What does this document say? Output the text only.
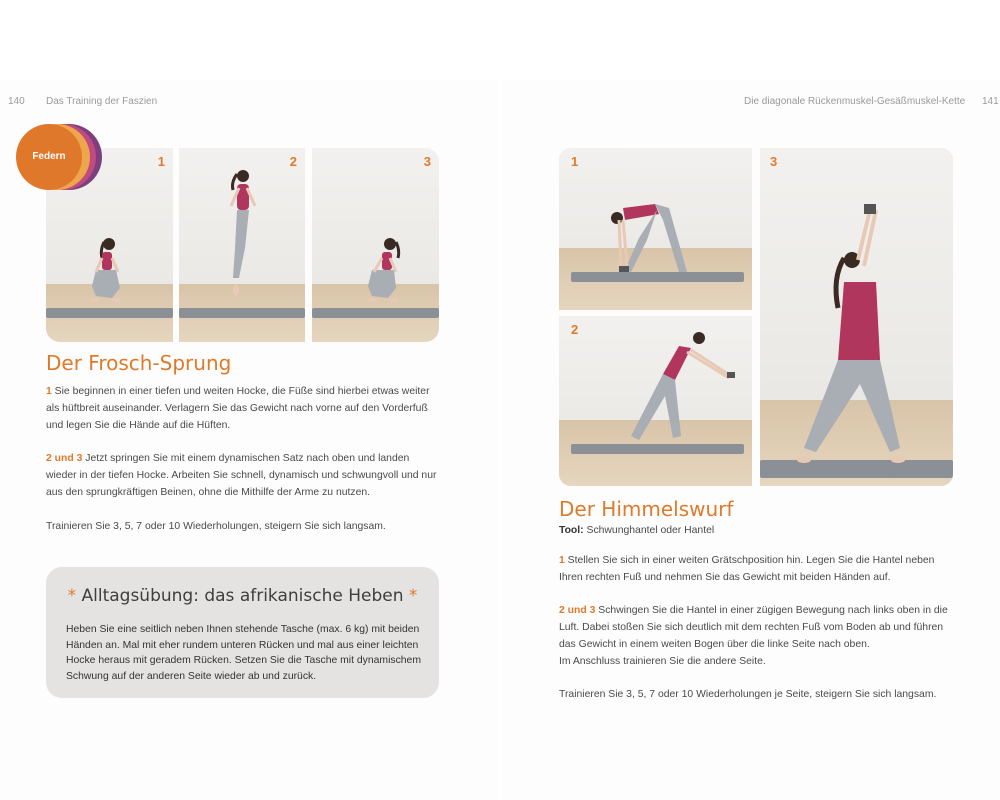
140 Das Training der Faszien	Die diagonale Rückenmuskel-Gesäßmuskel-Kette 141
1	2	3
Federn
Der Frosch-Sprung
1 Sie beginnen in einer tiefen und weiten Hocke, die Füße sind hierbei etwas weiter als hüftbreit auseinander. Verlagern Sie das Gewicht nach vorne auf den Vorderfuß und legen Sie die Hände auf die Hüften.
2 und 3 Jetzt springen Sie mit einem dynamischen Satz nach oben und landen wieder in der tiefen Hocke. Arbeiten Sie schnell, dynamisch und schwungvoll und nur aus den sprungkräftigen Beinen, ohne die Mithilfe der Arme zu nutzen.
Trainieren Sie 3, 5, 7 oder 10 Wiederholungen, steigern Sie sich langsam.
* Alltagsübung: das afrikanische Heben *
Heben Sie eine seitlich neben Ihnen stehende Tasche (max. 6 kg) mit beiden Händen an. Mal mit eher rundem unteren Rücken und mal aus einer leichten Hocke heraus mit geradem Rücken. Setzen Sie die Tasche mit dynamischem Schwung auf der anderen Seite wieder ab und zurück.
1
2
3
Der Himmelswurf
Tool: Schwunghantel oder Hantel
1 Stellen Sie sich in einer weiten Grätschposition hin. Legen Sie die Hantel neben Ihren rechten Fuß und nehmen Sie das Gewicht mit beiden Händen auf.
2 und 3 Schwingen Sie die Hantel in einer zügigen Bewegung nach links oben in die Luft. Dabei stoßen Sie sich deutlich mit dem rechten Fuß vom Boden ab und führen das Gewicht in einem weiten Bogen über die linke Seite nach oben.
Im Anschluss trainieren Sie die andere Seite.
Trainieren Sie 3, 5, 7 oder 10 Wiederholungen je Seite, steigern Sie sich langsam.
